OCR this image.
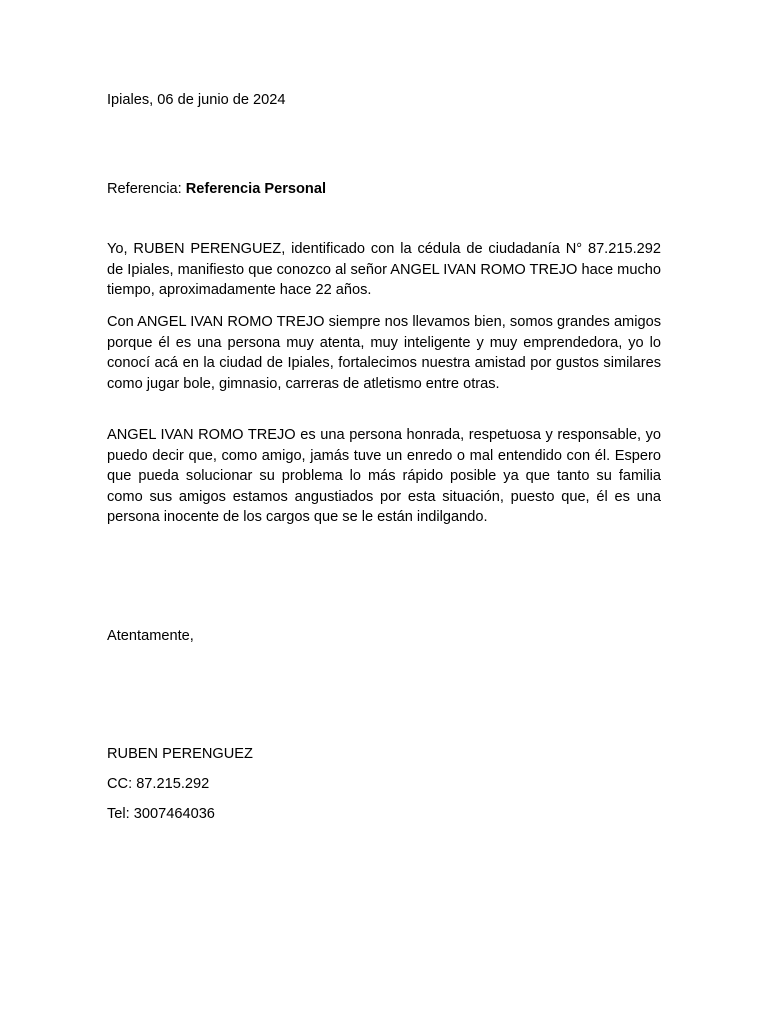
Ipiales, 06 de junio de 2024

Referencia: Referencia Personal

Yo, RUBEN PERENGUEZ, identificado con la cédula de ciudadanía N° 87.215.292 de Ipiales, manifiesto que conozco al señor ANGEL IVAN ROMO TREJO hace mucho tiempo, aproximadamente hace 22 años.

Con ANGEL IVAN ROMO TREJO siempre nos llevamos bien, somos grandes amigos porque él es una persona muy atenta, muy inteligente y muy emprendedora, yo lo conocí acá en la ciudad de Ipiales, fortalecimos nuestra amistad por gustos similares como jugar bole, gimnasio, carreras de atletismo entre otras.

ANGEL IVAN ROMO TREJO es una persona honrada, respetuosa y responsable, yo puedo decir que, como amigo, jamás tuve un enredo o mal entendido con él. Espero que pueda solucionar su problema lo más rápido posible ya que tanto su familia como sus amigos estamos angustiados por esta situación, puesto que, él es una persona inocente de los cargos que se le están indilgando.

Atentamente,

RUBEN PERENGUEZ

CC: 87.215.292

Tel: 3007464036
